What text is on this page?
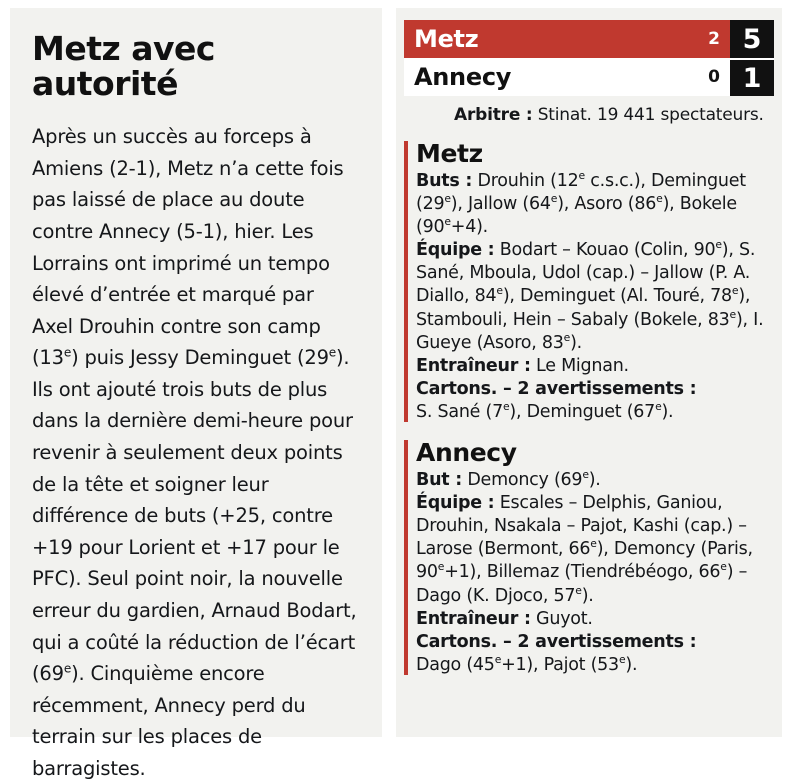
Metz avec autorité
Après un succès au forceps à Amiens (2-1), Metz n’a cette fois pas laissé de place au doute contre Annecy (5-1), hier. Les Lorrains ont imprimé un tempo élevé d’entrée et marqué par Axel Drouhin contre son camp (13e) puis Jessy Deminguet (29e). Ils ont ajouté trois buts de plus dans la dernière demi-heure pour revenir à seulement deux points de la tête et soigner leur différence de buts (+25, contre +19 pour Lorient et +17 pour le PFC). Seul point noir, la nouvelle erreur du gardien, Arnaud Bodart, qui a coûté la réduction de l’écart (69e). Cinquième encore récemment, Annecy perd du terrain sur les places de barragistes.
Metz	2 5
Annecy	0 1
Arbitre : Stinat. 19 441 spectateurs.
Metz
Buts : Drouhin (12e c.s.c.), Deminguet (29e), Jallow (64e), Asoro (86e), Bokele $(90^e+4)$.
Équipe : Bodart – Kouao (Colin, 90e), S. Sané, Mboula, Udol (cap.) – Jallow (P. A. Diallo, 84e), Deminguet (Al. Touré, 78e), Stambouli, Hein – Sabaly (Bokele, 83e), I. Gueye (Asoro, 83e).
Entraîneur : Le Mignan.
Cartons. – 2 avertissements :
S. Sané (7e), Deminguet (67e).
Annecy
But : Demoncy (69e).
Équipe : Escales – Delphis, Ganiou, Drouhin, Nsakala – Pajot, Kashi (cap.) – Larose (Bermont, 66e), Demoncy (Paris, $90^e+1$), Billemaz (Tiendrébéogo, 66e) – Dago (K. Djoco, 57e).
Entraîneur : Guyot.
Cartons. – 2 avertissements :
Dago $(45^e+1)$, Pajot (53e).
